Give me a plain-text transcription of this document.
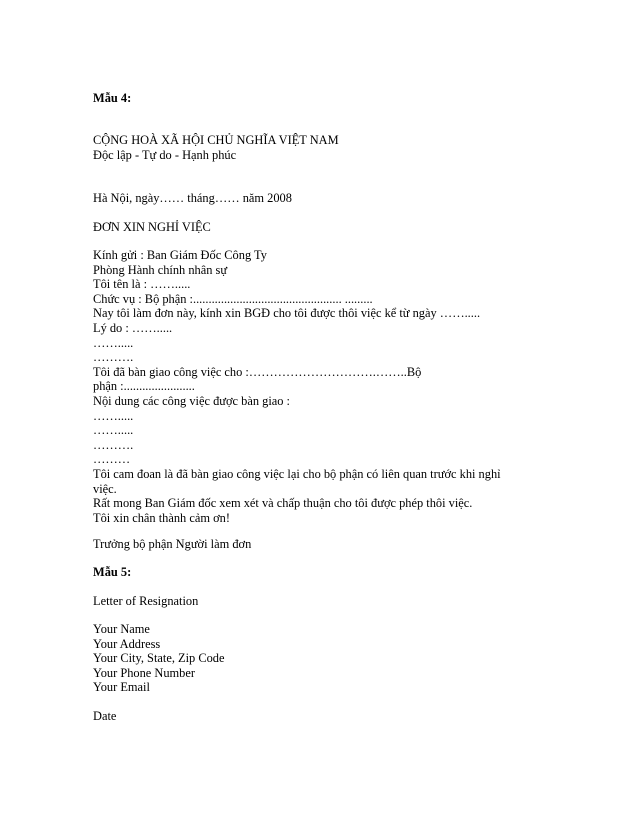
Mẫu 4:

CỘNG HOÀ XÃ HỘI CHỦ NGHĨA VIỆT NAM

Độc lập - Tự do - Hạnh phúc

Hà Nội, ngày…… tháng…… năm 2008

ĐƠN XIN NGHỈ VIỆC

Kính gửi : Ban Giám Đốc Công Ty

Phòng Hành chính nhân sự

Tôi tên là : …….....

Chức vụ : Bộ phận :................................................ .........

Nay tôi làm đơn này, kính xin BGĐ cho tôi được thôi việc kể từ ngày …….....

Lý do : …….....

…….....

……….

Tôi đã bàn giao công việc cho :………………………….……..Bộ

phận :.......................

Nội dung các công việc được bàn giao :

…….....

…….....

……….

………

Tôi cam đoan là đã bàn giao công việc lại cho bộ phận có liên quan trước khi nghỉ

việc.

Rất mong Ban Giám đốc xem xét và chấp thuận cho tôi được phép thôi việc.

Tôi xin chân thành cảm ơn!

Trưởng bộ phận Người làm đơn

Mẫu 5:

Letter of Resignation

Your Name

Your Address

Your City, State, Zip Code

Your Phone Number

Your Email

Date
